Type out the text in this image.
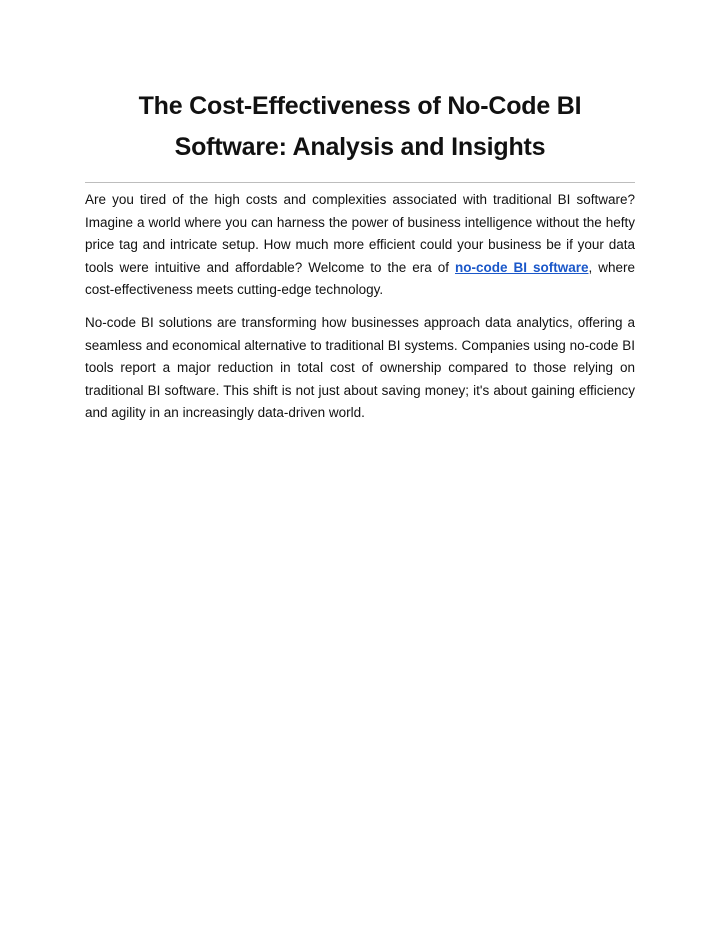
The Cost-Effectiveness of No-Code BI
Software: Analysis and Insights

Are you tired of the high costs and complexities associated with traditional BI software? Imagine a world where you can harness the power of business intelligence without the hefty price tag and intricate setup. How much more efficient could your business be if your data tools were intuitive and affordable? Welcome to the era of no-code BI software, where cost-effectiveness meets cutting-edge technology.

No-code BI solutions are transforming how businesses approach data analytics, offering a seamless and economical alternative to traditional BI systems. Companies using no-code BI tools report a major reduction in total cost of ownership compared to those relying on traditional BI software. This shift is not just about saving money; it's about gaining efficiency and agility in an increasingly data-driven world.
